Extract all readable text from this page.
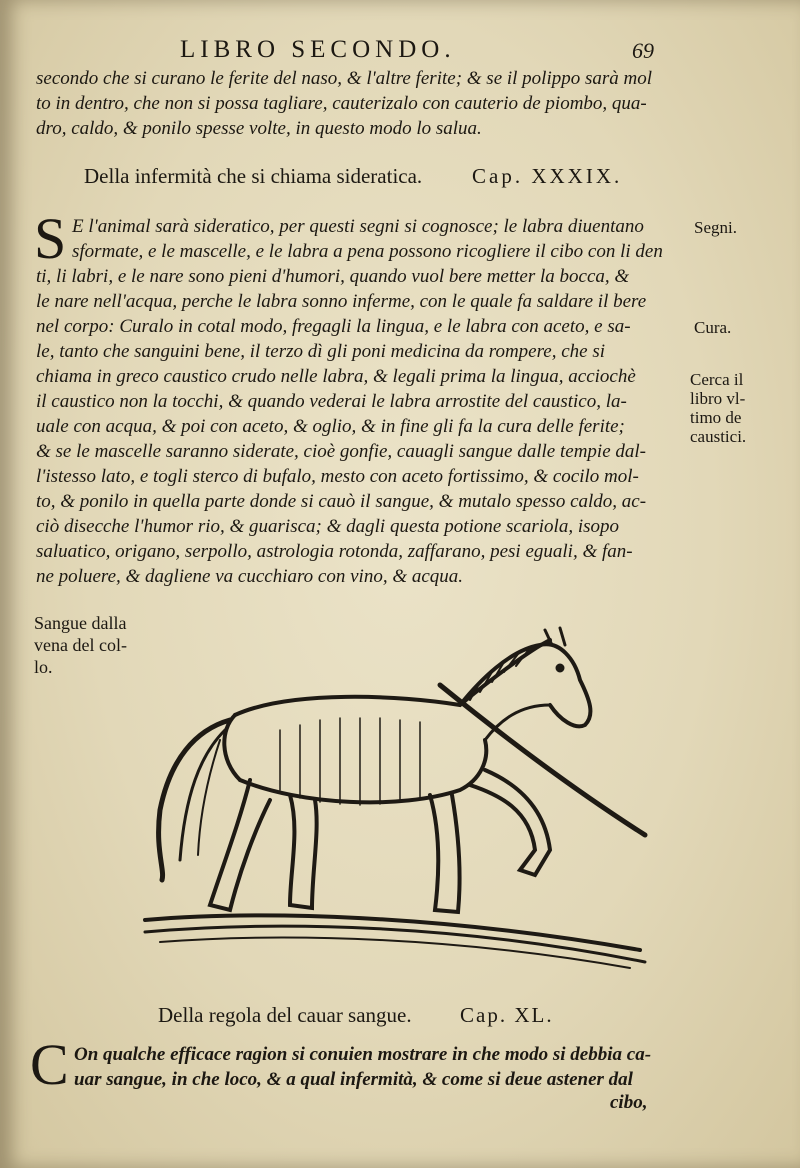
LIBRO SECONDO.	69
secondo che si curano le ferite del naso, & l'altre ferite; & se il polippo sarà mol
to in dentro, che non si possa tagliare, cauterizalo con cauterio de piombo, qua-
dro, caldo, & ponilo spesse volte, in questo modo lo salua.
Della infermità che si chiama sideratica. Cap. XXXIX.
S E l'animal sarà sideratico, per questi segni si cognosce; le labra diuentano
sformate, e le mascelle, e le labra a pena possono ricogliere il cibo con li den
ti, li labri, e le nare sono pieni d'humori, quando vuol bere metter la bocca, &
le nare nell'acqua, perche le labra sonno inferme, con le quale fa saldare il bere
nel corpo: Curalo in cotal modo, fregagli la lingua, e le labra con aceto, e sa-
le, tanto che sanguini bene, il terzo dì gli poni medicina da rompere, che si
chiama in greco caustico crudo nelle labra, & legali prima la lingua, acciochè
il caustico non la tocchi, & quando vederai le labra arrostite del caustico, la-
uale con acqua, & poi con aceto, & oglio, & in fine gli fa la cura delle ferite;
& se le mascelle saranno siderate, cioè gonfie, cauagli sangue dalle tempie dal-
l'istesso lato, e togli sterco di bufalo, mesto con aceto fortissimo, & cocilo mol-
to, & ponilo in quella parte donde si cauò il sangue, & mutalo spesso caldo, ac-
ciò disecche l'humor rio, & guarisca; & dagli questa potione scariola, isopo
saluatico, origano, serpollo, astrologia rotonda, zaffarano, pesi eguali, & fan-
ne poluere, & dagliene va cucchiaro con vino, & acqua.
Segni.
Cura.
Cerca il
libro vl-
timo de
caustici.
Sangue dalla
vena del col-
lo.
Della regola del cauar sangue. Cap. XL.
C On qualche efficace ragion si conuien mostrare in che modo si debbia ca-
uar sangue, in che loco, & a qual infermità, & come si deue astener dal
cibo,
